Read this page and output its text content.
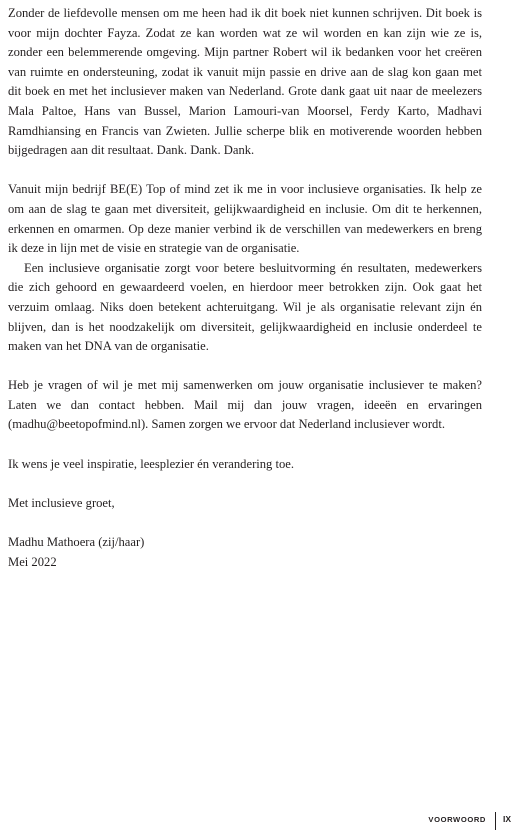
Zonder de liefdevolle mensen om me heen had ik dit boek niet kunnen schrijven. Dit boek is voor mijn dochter Fayza. Zodat ze kan worden wat ze wil worden en kan zijn wie ze is, zonder een belemmerende omgeving. Mijn partner Robert wil ik bedanken voor het creëren van ruimte en ondersteuning, zodat ik vanuit mijn passie en drive aan de slag kon gaan met dit boek en met het inclusiever maken van Nederland. Grote dank gaat uit naar de meelezers Mala Paltoe, Hans van Bussel, Marion Lamouri-van Moorsel, Ferdy Karto, Madhavi Ramdhiansing en Francis van Zwieten. Jullie scherpe blik en motiverende woorden hebben bijgedragen aan dit resultaat. Dank. Dank. Dank.

Vanuit mijn bedrijf BE(E) Top of mind zet ik me in voor inclusieve organisaties. Ik help ze om aan de slag te gaan met diversiteit, gelijkwaardigheid en inclusie. Om dit te herkennen, erkennen en omarmen. Op deze manier verbind ik de verschillen van medewerkers en breng ik deze in lijn met de visie en strategie van de organisatie.

Een inclusieve organisatie zorgt voor betere besluitvorming én resultaten, medewerkers die zich gehoord en gewaardeerd voelen, en hierdoor meer betrokken zijn. Ook gaat het verzuim omlaag. Niks doen betekent achteruitgang. Wil je als organisatie relevant zijn én blijven, dan is het noodzakelijk om diversiteit, gelijkwaardigheid en inclusie onderdeel te maken van het DNA van de organisatie.

Heb je vragen of wil je met mij samenwerken om jouw organisatie inclusiever te maken? Laten we dan contact hebben. Mail mij dan jouw vragen, ideeën en ervaringen (madhu@beetopofmind.nl). Samen zorgen we ervoor dat Nederland inclusiever wordt.

Ik wens je veel inspiratie, leesplezier én verandering toe.

Met inclusieve groet,

Madhu Mathoera (zij/haar)

Mei 2022

VOORWOORD IX
